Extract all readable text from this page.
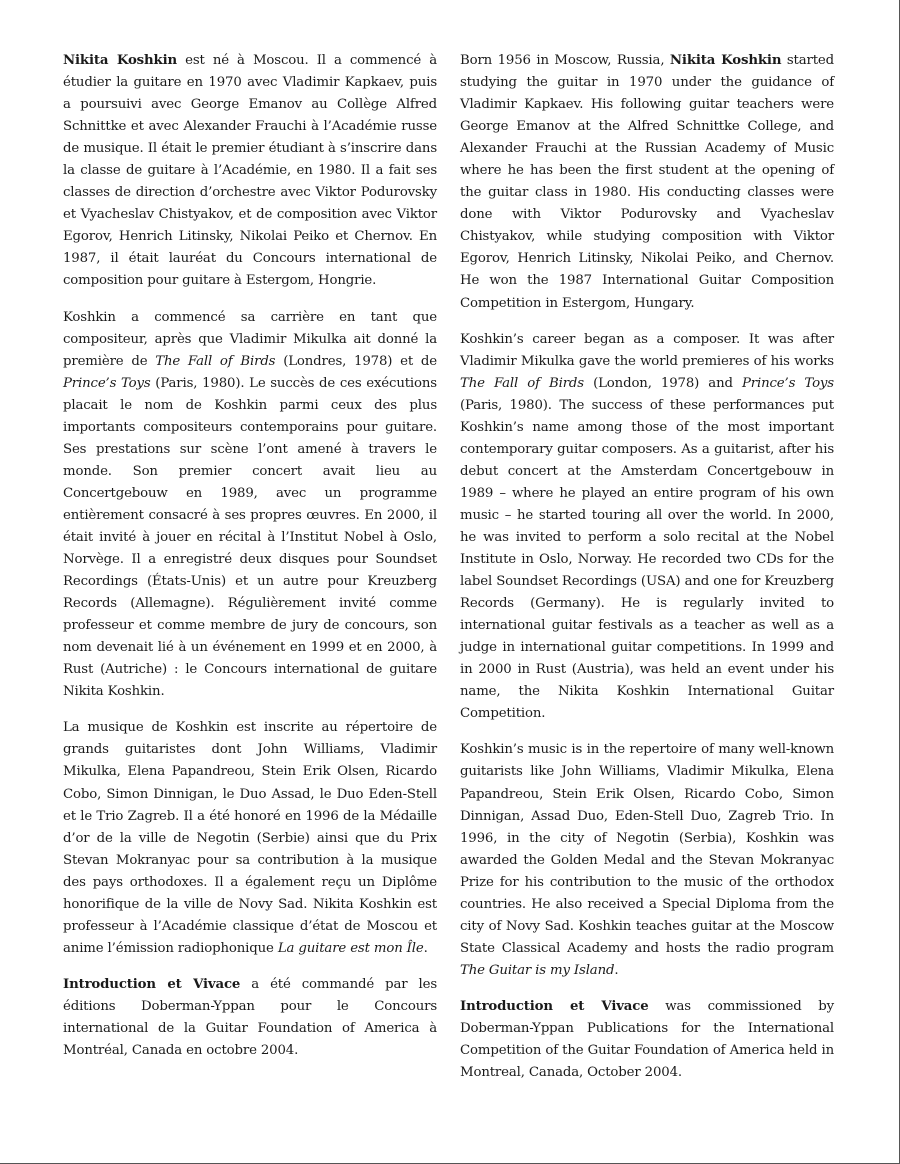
Nikita Koshkin est né à Moscou. Il a commencé à étudier la guitare en 1970 avec Vladimir Kapkaev, puis a poursuivi avec George Emanov au Collège Alfred Schnittke et avec Alexander Frauchi à l’Académie russe de musique. Il était le premier étudiant à s’inscrire dans la classe de guitare à l’Académie, en 1980. Il a fait ses classes de direction d’orchestre avec Viktor Podurovsky et Vyacheslav Chistyakov, et de composition avec Viktor Egorov, Henrich Litinsky, Nikolai Peiko et Chernov. En 1987, il était lauréat du Concours international de composition pour guitare à Estergom, Hongrie.

Koshkin a commencé sa carrière en tant que compositeur, après que Vladimir Mikulka ait donné la première de The Fall of Birds (Londres, 1978) et de Prince’s Toys (Paris, 1980). Le succès de ces exécutions placait le nom de Koshkin parmi ceux des plus importants compositeurs contemporains pour guitare. Ses prestations sur scène l’ont amené à travers le monde. Son premier concert avait lieu au Concertgebouw en 1989, avec un programme entièrement consacré à ses propres œuvres. En 2000, il était invité à jouer en récital à l’Institut Nobel à Oslo, Norvège. Il a enregistré deux disques pour Soundset Recordings (États-Unis) et un autre pour Kreuzberg Records (Allemagne). Régulièrement invité comme professeur et comme membre de jury de concours, son nom devenait lié à un événement en 1999 et en 2000, à Rust (Autriche) : le Concours international de guitare Nikita Koshkin.

La musique de Koshkin est inscrite au répertoire de grands guitaristes dont John Williams, Vladimir Mikulka, Elena Papandreou, Stein Erik Olsen, Ricardo Cobo, Simon Dinnigan, le Duo Assad, le Duo Eden-Stell et le Trio Zagreb. Il a été honoré en 1996 de la Médaille d’or de la ville de Negotin (Serbie) ainsi que du Prix Stevan Mokranyac pour sa contribution à la musique des pays orthodoxes. Il a également reçu un Diplôme honorifique de la ville de Novy Sad. Nikita Koshkin est professeur à l’Académie classique d’état de Moscou et anime l’émission radiophonique La guitare est mon Île.

Introduction et Vivace a été commandé par les éditions Doberman-Yppan pour le Concours international de la Guitar Foundation of America à Montréal, Canada en octobre 2004.

Born 1956 in Moscow, Russia, Nikita Koshkin started studying the guitar in 1970 under the guidance of Vladimir Kapkaev. His following guitar teachers were George Emanov at the Alfred Schnittke College, and Alexander Frauchi at the Russian Academy of Music where he has been the first student at the opening of the guitar class in 1980. His conducting classes were done with Viktor Podurovsky and Vyacheslav Chistyakov, while studying composition with Viktor Egorov, Henrich Litinsky, Nikolai Peiko, and Chernov. He won the 1987 International Guitar Composition Competition in Estergom, Hungary.

Koshkin’s career began as a composer. It was after Vladimir Mikulka gave the world premieres of his works The Fall of Birds (London, 1978) and Prince’s Toys (Paris, 1980). The success of these performances put Koshkin’s name among those of the most important contemporary guitar composers. As a guitarist, after his debut concert at the Amsterdam Concertgebouw in 1989 – where he played an entire program of his own music – he started touring all over the world. In 2000, he was invited to perform a solo recital at the Nobel Institute in Oslo, Norway. He recorded two CDs for the label Soundset Recordings (USA) and one for Kreuzberg Records (Germany). He is regularly invited to international guitar festivals as a teacher as well as a judge in international guitar competitions. In 1999 and in 2000 in Rust (Austria), was held an event under his name, the Nikita Koshkin International Guitar Competition.

Koshkin’s music is in the repertoire of many well-known guitarists like John Williams, Vladimir Mikulka, Elena Papandreou, Stein Erik Olsen, Ricardo Cobo, Simon Dinnigan, Assad Duo, Eden-Stell Duo, Zagreb Trio. In 1996, in the city of Negotin (Serbia), Koshkin was awarded the Golden Medal and the Stevan Mokranyac Prize for his contribution to the music of the orthodox countries. He also received a Special Diploma from the city of Novy Sad. Koshkin teaches guitar at the Moscow State Classical Academy and hosts the radio program The Guitar is my Island.

Introduction et Vivace was commissioned by Doberman-Yppan Publications for the International Competition of the Guitar Foundation of America held in Montreal, Canada, October 2004.
